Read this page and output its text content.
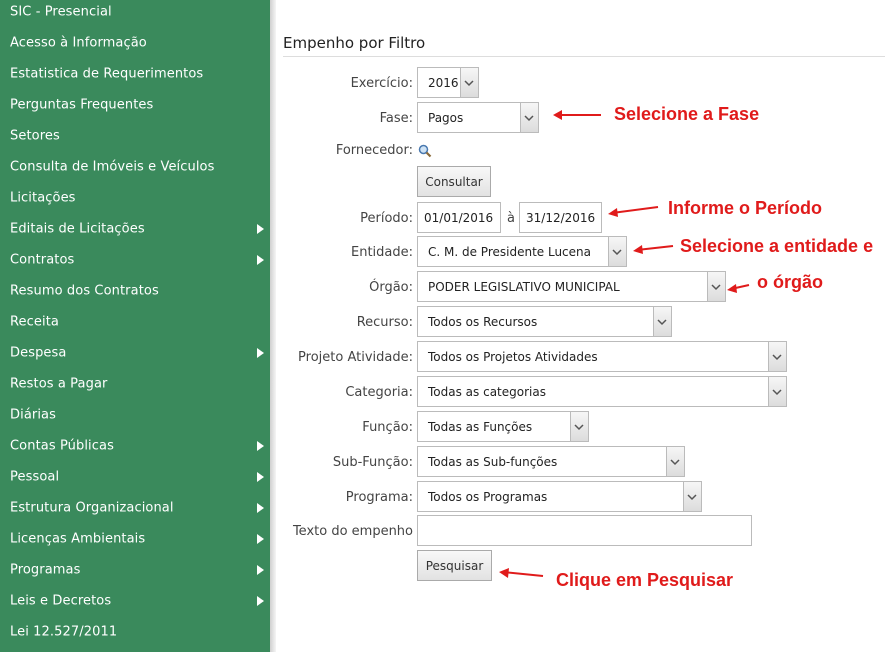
SIC - Presencial
Acesso à Informação
Estatistica de Requerimentos
Perguntas Frequentes
Setores
Consulta de Imóveis e Veículos
Licitações
Editais de Licitações
Contratos
Resumo dos Contratos
Receita
Despesa
Restos a Pagar
Diárias
Contas Públicas
Pessoal
Estrutura Organizacional
Licenças Ambientais
Programas
Leis e Decretos
Lei 12.527/2011
Empenho por Filtro
Exercício: 2016
Fase: Pagos
Fornecedor:
Consultar
Período: 01/01/2016 à 31/12/2016
Entidade: C. M. de Presidente Lucena
Órgão: PODER LEGISLATIVO MUNICIPAL
Recurso: Todos os Recursos
Projeto Atividade: Todos os Projetos Atividades
Categoria: Todas as categorias
Função: Todas as Funções
Sub-Função: Todas as Sub-funções
Programa: Todos os Programas
Texto do empenho
Pesquisar
Selecione a Fase
Informe o Período
Selecione a entidade e
o órgão
Clique em Pesquisar
